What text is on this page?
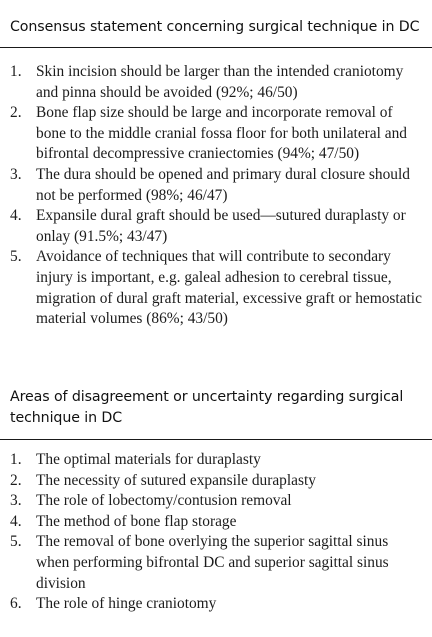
Consensus statement concerning surgical technique in DC
1. Skin incision should be larger than the intended craniotomy and pinna should be avoided (92%; 46/50)
2. Bone flap size should be large and incorporate removal of bone to the middle cranial fossa floor for both unilateral and bifrontal decompressive craniectomies (94%; 47/50)
3. The dura should be opened and primary dural closure should not be performed (98%; 46/47)
4. Expansile dural graft should be used—sutured duraplasty or onlay (91.5%; 43/47)
5. Avoidance of techniques that will contribute to secondary injury is important, e.g. galeal adhesion to cerebral tissue, migration of dural graft material, excessive graft or hemostatic material volumes (86%; 43/50)
Areas of disagreement or uncertainty regarding surgical technique in DC
1. The optimal materials for duraplasty
2. The necessity of sutured expansile duraplasty
3. The role of lobectomy/contusion removal
4. The method of bone flap storage
5. The removal of bone overlying the superior sagittal sinus when performing bifrontal DC and superior sagittal sinus division
6. The role of hinge craniotomy
